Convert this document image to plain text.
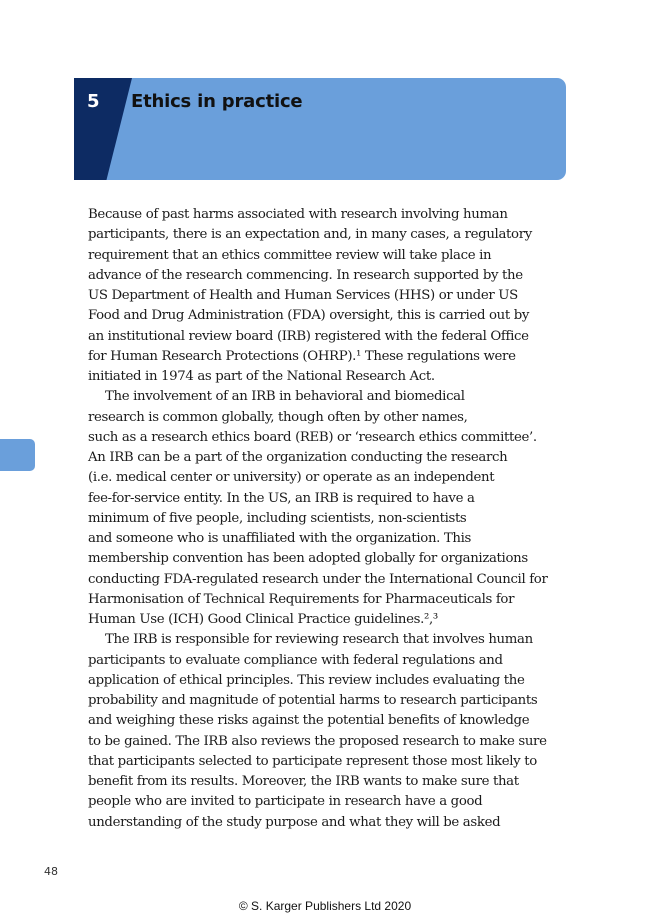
5 Ethics in practice
Because of past harms associated with research involving human
participants, there is an expectation and, in many cases, a regulatory
requirement that an ethics committee review will take place in
advance of the research commencing. In research supported by the
US Department of Health and Human Services (HHS) or under US
Food and Drug Administration (FDA) oversight, this is carried out by
an institutional review board (IRB) registered with the federal Office
for Human Research Protections (OHRP).¹ These regulations were
initiated in 1974 as part of the National Research Act.
The involvement of an IRB in behavioral and biomedical
research is common globally, though often by other names,
such as a research ethics board (REB) or ‘research ethics committee’.
An IRB can be a part of the organization conducting the research
(i.e. medical center or university) or operate as an independent
fee-for-service entity. In the US, an IRB is required to have a
minimum of five people, including scientists, non-scientists
and someone who is unaffiliated with the organization. This
membership convention has been adopted globally for organizations
conducting FDA-regulated research under the International Council for
Harmonisation of Technical Requirements for Pharmaceuticals for
Human Use (ICH) Good Clinical Practice guidelines.²,³
The IRB is responsible for reviewing research that involves human
participants to evaluate compliance with federal regulations and
application of ethical principles. This review includes evaluating the
probability and magnitude of potential harms to research participants
and weighing these risks against the potential benefits of knowledge
to be gained. The IRB also reviews the proposed research to make sure
that participants selected to participate represent those most likely to
benefit from its results. Moreover, the IRB wants to make sure that
people who are invited to participate in research have a good
understanding of the study purpose and what they will be asked
48
© S. Karger Publishers Ltd 2020
